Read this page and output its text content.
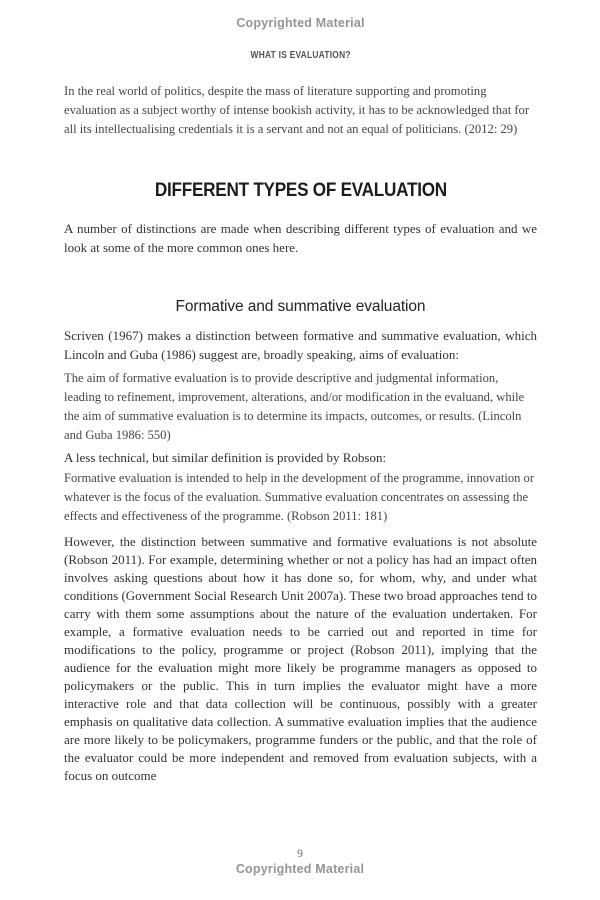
Copyrighted Material
WHAT IS EVALUATION?
In the real world of politics, despite the mass of literature supporting and promoting evaluation as a subject worthy of intense bookish activity, it has to be acknowledged that for all its intellectualising credentials it is a servant and not an equal of politicians. (2012: 29)
DIFFERENT TYPES OF EVALUATION

A number of distinctions are made when describing different types of evaluation and we look at some of the more common ones here.

Formative and summative evaluation

Scriven (1967) makes a distinction between formative and summative evaluation, which Lincoln and Guba (1986) suggest are, broadly speaking, aims of evaluation:

The aim of formative evaluation is to provide descriptive and judgmental information, leading to refinement, improvement, alterations, and/or modification in the evaluand, while the aim of summative evaluation is to determine its impacts, outcomes, or results. (Lincoln and Guba 1986: 550)

A less technical, but similar definition is provided by Robson:

Formative evaluation is intended to help in the development of the programme, innovation or whatever is the focus of the evaluation. Summative evaluation concentrates on assessing the effects and effectiveness of the programme. (Robson 2011: 181)

However, the distinction between summative and formative evaluations is not absolute (Robson 2011). For example, determining whether or not a policy has had an impact often involves asking questions about how it has done so, for whom, why, and under what conditions (Government Social Research Unit 2007a). These two broad approaches tend to carry with them some assumptions about the nature of the evaluation undertaken. For example, a formative evaluation needs to be carried out and reported in time for modifications to the policy, programme or project (Robson 2011), implying that the audience for the evaluation might more likely be programme managers as opposed to policymakers or the public. This in turn implies the evaluator might have a more interactive role and that data collection will be continuous, possibly with a greater emphasis on qualitative data collection. A summative evaluation implies that the audience are more likely to be policymakers, programme funders or the public, and that the role of the evaluator could be more independent and removed from evaluation subjects, with a focus on outcome

9
Copyrighted Material
